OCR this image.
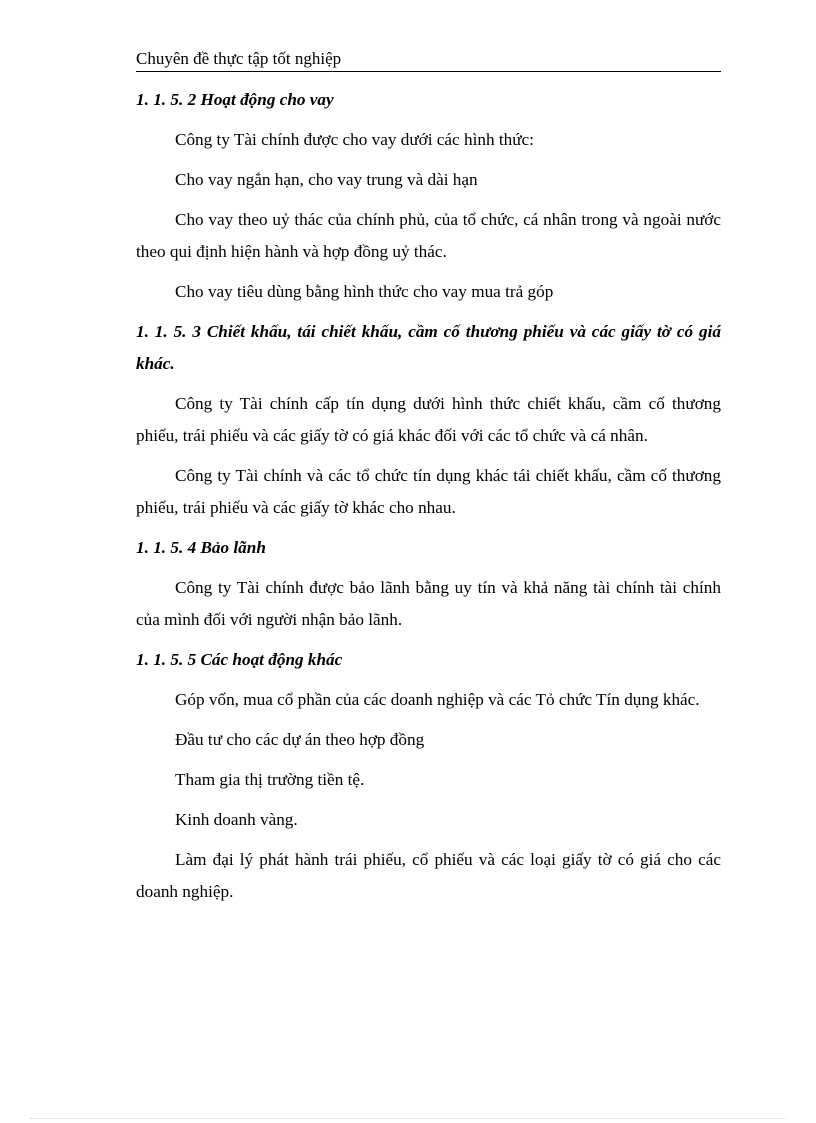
Chuyên đề thực tập tốt nghiệp

1. 1. 5. 2 Hoạt động cho vay

Công ty Tài chính được cho vay dưới các hình thức:

Cho vay ngắn hạn, cho vay trung và dài hạn

Cho vay theo uỷ thác của chính phủ, của tổ chức, cá nhân trong và ngoài nước theo qui định hiện hành và hợp đồng uỷ thác.

Cho vay tiêu dùng bằng hình thức cho vay mua trả góp

1. 1. 5. 3 Chiết khấu, tái chiết khấu, cầm cố thương phiếu và các giấy tờ có giá khác.

Công ty Tài chính cấp tín dụng dưới hình thức chiết khấu, cầm cố thương phiếu, trái phiếu và các giấy tờ có giá khác đối với các tổ chức và cá nhân.

Công ty Tài chính và các tổ chức tín dụng khác tái chiết khấu, cầm cố thương phiếu, trái phiếu và các giấy tờ khác cho nhau.

1. 1. 5. 4 Bảo lãnh

Công ty Tài chính được bảo lãnh bằng uy tín và khả năng tài chính tài chính của mình đối với người nhận bảo lãnh.

1. 1. 5. 5 Các hoạt động khác

Góp vốn, mua cổ phần của các doanh nghiệp và các Tỏ chức Tín dụng khác.

Đầu tư cho các dự án theo hợp đồng

Tham gia thị trường tiền tệ.

Kinh doanh vàng.

Làm đại lý phát hành trái phiếu, cổ phiếu và các loại giấy tờ có giá cho các doanh nghiệp.
